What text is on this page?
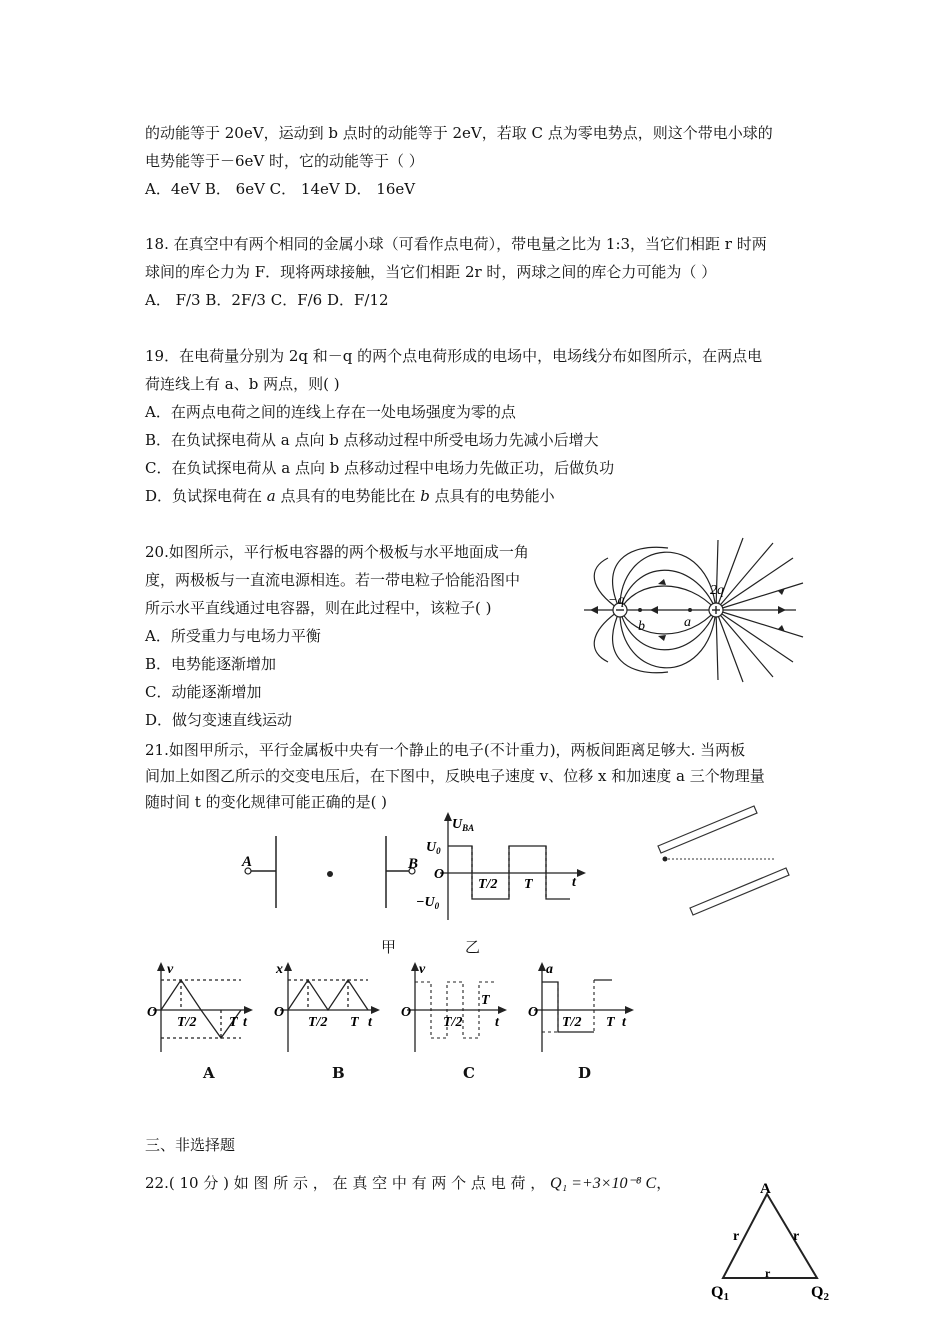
的动能等于 20eV，运动到 b 点时的动能等于 2eV，若取 C 点为零电势点，则这个带电小球的
电势能等于－6eV 时，它的动能等于（ ）
A．4eV B． 6eV C． 14eV D． 16eV
18. 在真空中有两个相同的金属小球（可看作点电荷），带电量之比为 1:3，当它们相距 r 时两
球间的库仑力为 F．现将两球接触，当它们相距 2r 时，两球之间的库仑力可能为（ ）
A． F/3 B．2F/3 C．F/6 D．F/12
19．在电荷量分别为 2q 和－q 的两个点电荷形成的电场中，电场线分布如图所示，在两点电
荷连线上有 a、b 两点，则( )
A．在两点电荷之间的连线上存在一处电场强度为零的点
B．在负试探电荷从 a 点向 b 点移动过程中所受电场力先减小后增大
C．在负试探电荷从 a 点向 b 点移动过程中电场力先做正功，后做负功
D．负试探电荷在 a 点具有的电势能比在 b 点具有的电势能小
20.如图所示，平行板电容器的两个极板与水平地面成一角
度，两极板与一直流电源相连。若一带电粒子恰能沿图中
所示水平直线通过电容器，则在此过程中，该粒子( )
A．所受重力与电场力平衡
B．电势能逐渐增加
C．动能逐渐增加
D．做匀变速直线运动
21.如图甲所示，平行金属板中央有一个静止的电子(不计重力)，两板间距离足够大. 当两板
间加上如图乙所示的交变电压后，在下图中，反映电子速度 v、位移 x 和加速度 a 三个物理量
随时间 t 的变化规律可能正确的是( )
−q
2q
a
b
A	B
甲	乙
$U_{BA}$
$U_0$
O
$-U_0$
T/2 T	t
v
O
T/2 T t
A
x
O
T/2 T t
B
v
O
T/2
T
t
C
a
O
T/2 T t
D
三、非选择题
22.( 10 分 ) 如 图 所 示 ， 在 真 空 中 有 两 个 点 电 荷 ， Q₁ =+3×10⁻⁸ C，	A
r	r
r
Q1	Q2
